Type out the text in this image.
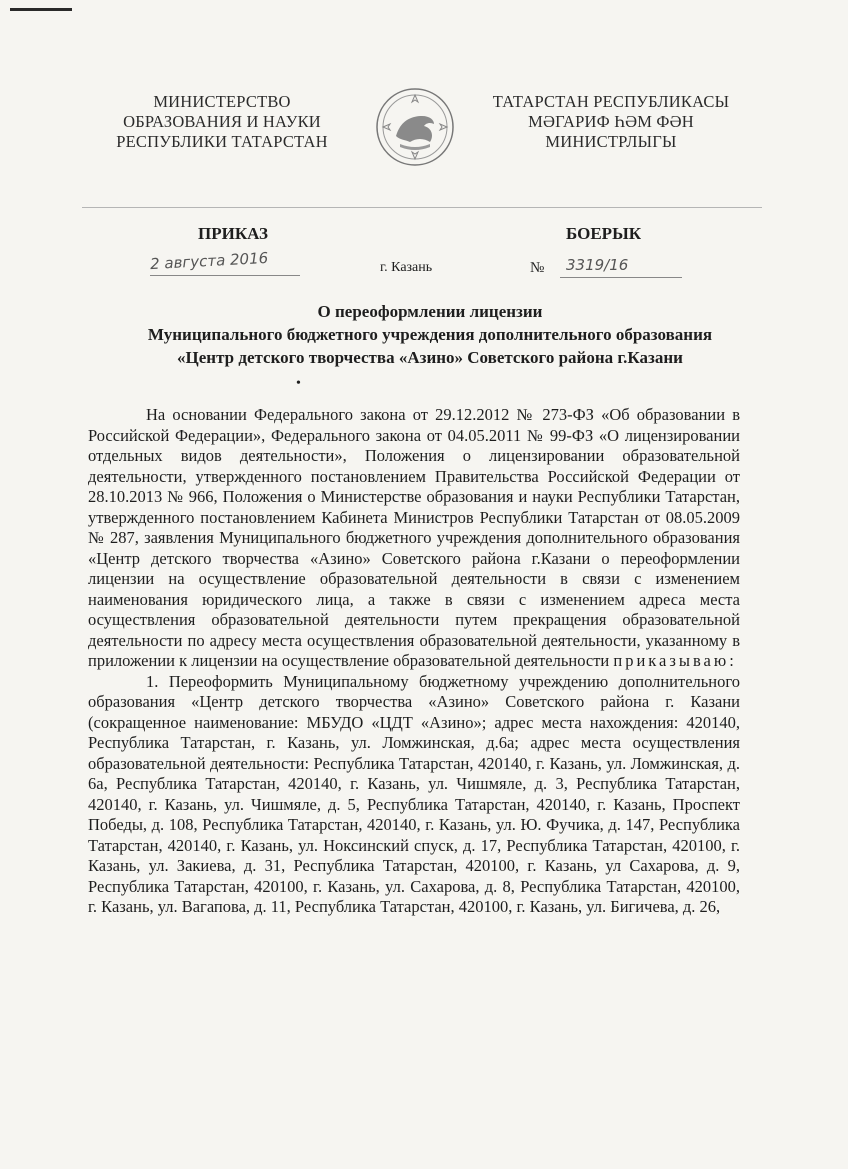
МИНИСТЕРСТВО
ОБРАЗОВАНИЯ И НАУКИ
РЕСПУБЛИКИ ТАТАРСТАН
ТАТАРСТАН РЕСПУБЛИКАСЫ
МӘГАРИФ ҺӘМ ФӘН
МИНИСТРЛЫГЫ
ПРИКАЗ	БОЕРЫК
2 августа 2016	г. Казань	№ 3319/16
О переоформлении лицензии
Муниципального бюджетного учреждения дополнительного образования
«Центр детского творчества «Азино» Советского района г.Казани
•

На основании Федерального закона от 29.12.2012 № 273-ФЗ «Об образовании в Российской Федерации», Федерального закона от 04.05.2011 № 99-ФЗ «О лицензировании отдельных видов деятельности», Положения о лицензировании образовательной деятельности, утвержденного постановлением Правительства Российской Федерации от 28.10.2013 № 966, Положения о Министерстве образования и науки Республики Татарстан, утвержденного постановлением Кабинета Министров Республики Татарстан от 08.05.2009 № 287, заявления Муниципального бюджетного учреждения дополнительного образования «Центр детского творчества «Азино» Советского района г.Казани о переоформлении лицензии на осуществление образовательной деятельности в связи с изменением наименования юридического лица, а также в связи с изменением адреса места осуществления образовательной деятельности путем прекращения образовательной деятельности по адресу места осуществления образовательной деятельности, указанному в приложении к лицензии на осуществление образовательной деятельности приказываю:

1. Переоформить Муниципальному бюджетному учреждению дополнительного образования «Центр детского творчества «Азино» Советского района г. Казани (сокращенное наименование: МБУДО «ЦДТ «Азино»; адрес места нахождения: 420140, Республика Татарстан, г. Казань, ул. Ломжинская, д.6а; адрес места осуществления образовательной деятельности: Республика Татарстан, 420140, г. Казань, ул. Ломжинская, д. 6а, Республика Татарстан, 420140, г. Казань, ул. Чишмяле, д. 3, Республика Татарстан, 420140, г. Казань, ул. Чишмяле, д. 5, Республика Татарстан, 420140, г. Казань, Проспект Победы, д. 108, Республика Татарстан, 420140, г. Казань, ул. Ю. Фучика, д. 147, Республика Татарстан, 420140, г. Казань, ул. Ноксинский спуск, д. 17, Республика Татарстан, 420100, г. Казань, ул. Закиева, д. 31, Республика Татарстан, 420100, г. Казань, ул Сахарова, д. 9, Республика Татарстан, 420100, г. Казань, ул. Сахарова, д. 8, Республика Татарстан, 420100, г. Казань, ул. Вагапова, д. 11, Республика Татарстан, 420100, г. Казань, ул. Бигичева, д. 26,
